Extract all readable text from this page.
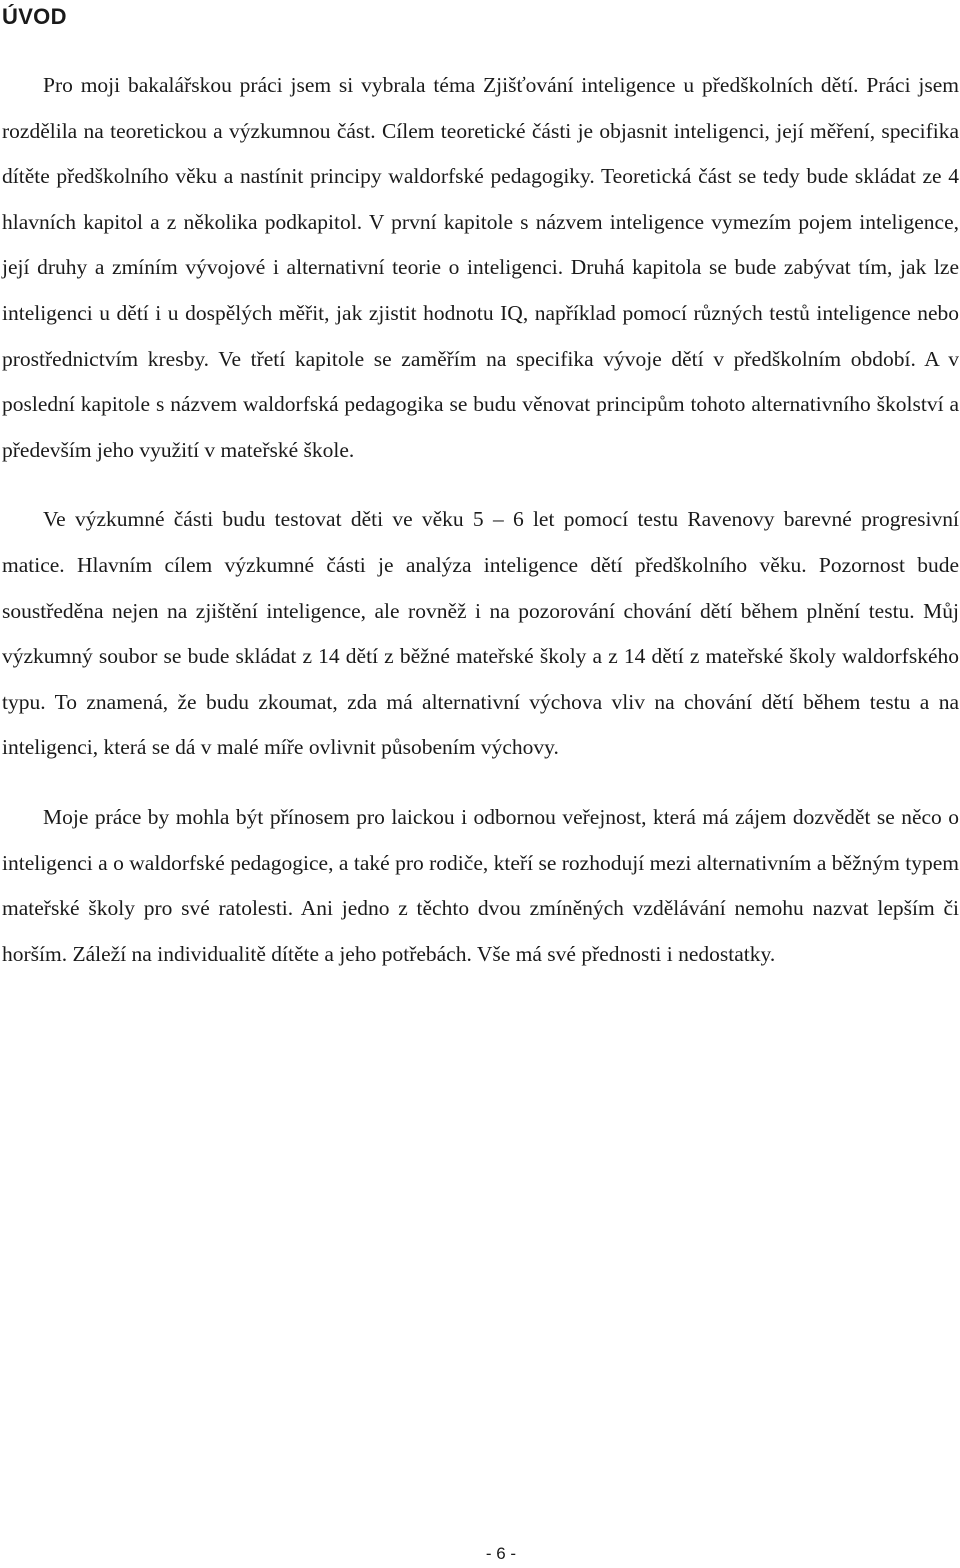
ÚVOD

Pro moji bakalářskou práci jsem si vybrala téma Zjišťování inteligence u předškolních dětí. Práci jsem rozdělila na teoretickou a výzkumnou část. Cílem teoretické části je objasnit inteligenci, její měření, specifika dítěte předškolního věku a nastínit principy waldorfské pedagogiky. Teoretická část se tedy bude skládat ze 4 hlavních kapitol a z několika podkapitol. V první kapitole s názvem inteligence vymezím pojem inteligence, její druhy a zmíním vývojové i alternativní teorie o inteligenci. Druhá kapitola se bude zabývat tím, jak lze inteligenci u dětí i u dospělých měřit, jak zjistit hodnotu IQ, například pomocí různých testů inteligence nebo prostřednictvím kresby. Ve třetí kapitole se zaměřím na specifika vývoje dětí v předškolním období. A v poslední kapitole s názvem waldorfská pedagogika se budu věnovat principům tohoto alternativního školství a především jeho využití v mateřské škole.

Ve výzkumné části budu testovat děti ve věku 5 – 6 let pomocí testu Ravenovy barevné progresivní matice. Hlavním cílem výzkumné části je analýza inteligence dětí předškolního věku. Pozornost bude soustředěna nejen na zjištění inteligence, ale rovněž i na pozorování chování dětí během plnění testu. Můj výzkumný soubor se bude skládat z 14 dětí z běžné mateřské školy a z 14 dětí z mateřské školy waldorfského typu. To znamená, že budu zkoumat, zda má alternativní výchova vliv na chování dětí během testu a na inteligenci, která se dá v malé míře ovlivnit působením výchovy.

Moje práce by mohla být přínosem pro laickou i odbornou veřejnost, která má zájem dozvědět se něco o inteligenci a o waldorfské pedagogice, a také pro rodiče, kteří se rozhodují mezi alternativním a běžným typem mateřské školy pro své ratolesti. Ani jedno z těchto dvou zmíněných vzdělávání nemohu nazvat lepším či horším. Záleží na individualitě dítěte a jeho potřebách. Vše má své přednosti i nedostatky.

- 6 -
